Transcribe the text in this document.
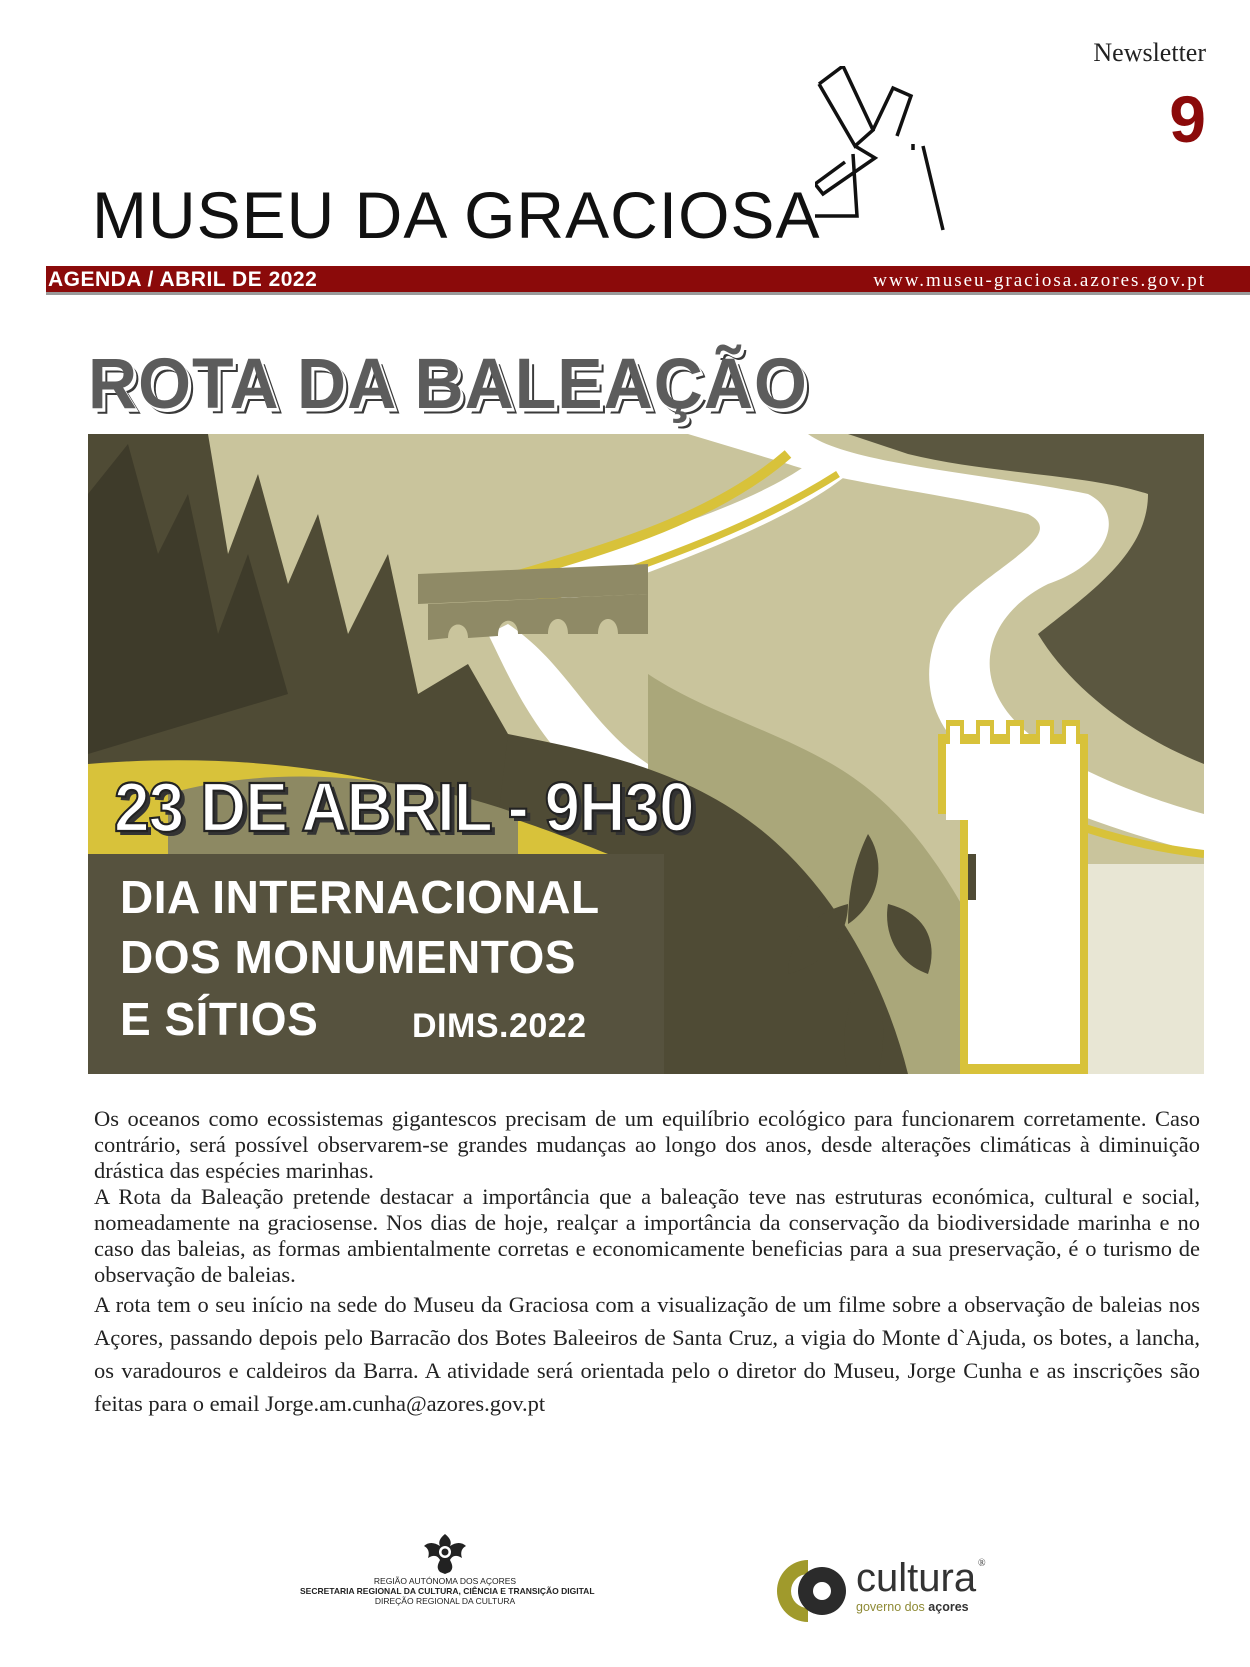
Newsletter
9
MUSEU DA GRACIOSA
AGENDA / ABRIL DE 2022	www.museu-graciosa.azores.gov.pt
ROTA DA BALEAÇÃO
23 DE ABRIL - 9H30
DIA INTERNACIONAL
DOS MONUMENTOS
E SÍTIOS	DIMS.2022

Os oceanos como ecossistemas gigantescos precisam de um equilíbrio ecológico para funcionarem corretamente. Caso contrário, será possível observarem-se grandes mudanças ao longo dos anos, desde alterações climáticas à diminuição drástica das espécies marinhas.

A Rota da Baleação pretende destacar a importância que a baleação teve nas estruturas económica, cultural e social, nomeadamente na graciosense. Nos dias de hoje, realçar a importância da conservação da biodiversidade marinha e no caso das baleias, as formas ambientalmente corretas e economicamente beneficias para a sua preservação, é o turismo de observação de baleias.

A rota tem o seu início na sede do Museu da Graciosa com a visualização de um filme sobre a observação de baleias nos Açores, passando depois pelo Barracão dos Botes Baleeiros de Santa Cruz, a vigia do Monte d`Ajuda, os botes, a lancha, os varadouros e caldeiros da Barra. A atividade será orientada pelo o diretor do Museu, Jorge Cunha e as inscrições são feitas para o email Jorge.am.cunha@azores.gov.pt

REGIÃO AUTÓNOMA DOS AÇORES
SECRETARIA REGIONAL DA CULTURA, CIÊNCIA E TRANSIÇÃO DIGITAL
DIREÇÃO REGIONAL DA CULTURA
cultura ®
governo dos açores
